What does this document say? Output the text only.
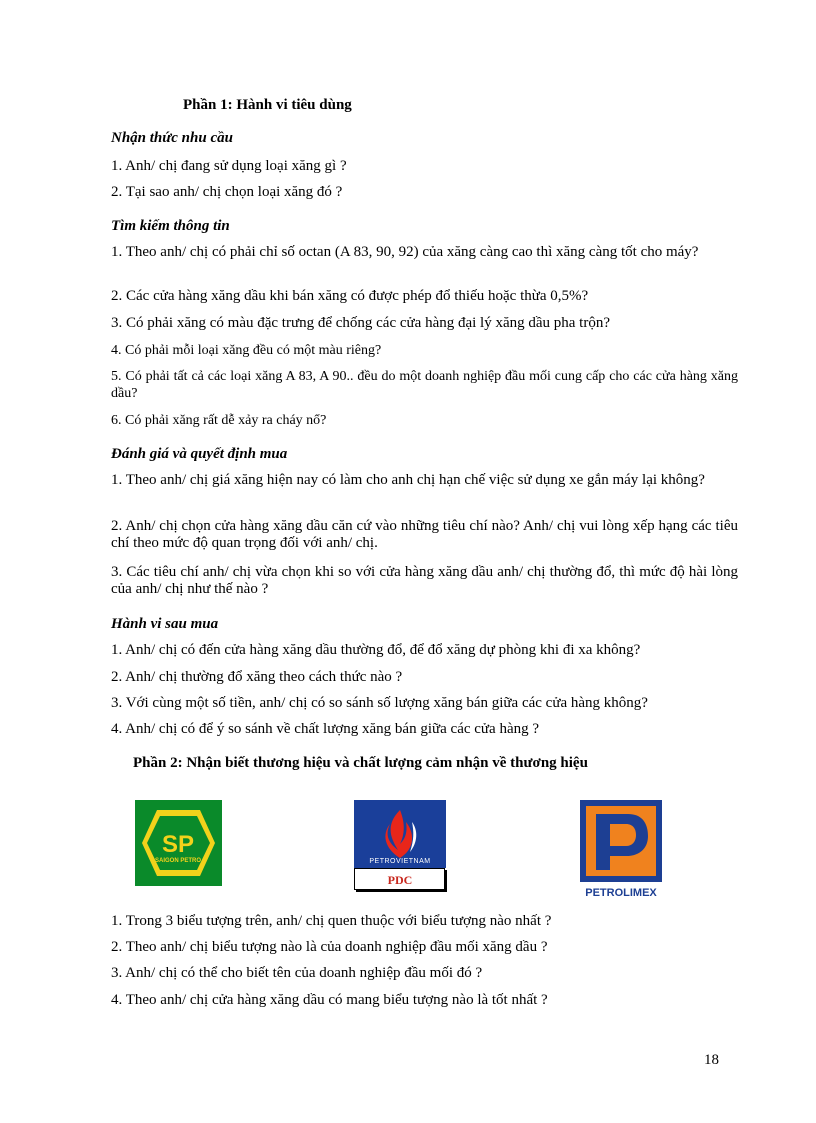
Phần 1: Hành vi tiêu dùng
Nhận thức nhu cầu
1. Anh/ chị đang sử dụng loại xăng gì ?
2. Tại sao anh/ chị chọn loại xăng đó ?
Tìm kiếm thông tin
1. Theo anh/ chị có phải chỉ số octan (A 83, 90, 92) của xăng càng cao thì xăng càng tốt cho máy?
2. Các cửa hàng xăng dầu khi bán xăng có được phép đổ thiếu hoặc thừa 0,5%?
3. Có phải xăng có màu đặc trưng để chống các cửa hàng đại lý xăng dầu pha trộn?
4. Có phải mỗi loại xăng đều có một màu riêng?
5. Có phải tất cả các loại xăng A 83, A 90.. đều do một doanh nghiệp đầu mối cung cấp cho các cửa hàng xăng dầu?
6. Có phải xăng rất dễ xảy ra cháy nổ?
Đánh giá và quyết định mua
1. Theo anh/ chị giá xăng hiện nay có làm cho anh chị hạn chế việc sử dụng xe gắn máy lại không?
2. Anh/ chị chọn cửa hàng xăng dầu căn cứ vào những tiêu chí nào? Anh/ chị vui lòng xếp hạng các tiêu chí theo mức độ quan trọng đối với anh/ chị.
3. Các tiêu chí anh/ chị vừa chọn khi so với cửa hàng xăng dầu anh/ chị thường đổ, thì mức độ hài lòng của anh/ chị như thế nào ?
Hành vi sau mua
1. Anh/ chị có đến cửa hàng xăng dầu thường đổ, để đổ xăng dự phòng khi đi xa không?
2. Anh/ chị thường đổ xăng theo cách thức nào ?
3. Với cùng một số tiền, anh/ chị có so sánh số lượng xăng bán giữa các cửa hàng không?
4. Anh/ chị có để ý so sánh về chất lượng xăng bán giữa các cửa hàng ?
Phần 2: Nhận biết thương hiệu và chất lượng cảm nhận về thương hiệu
SP
SAIGON PETRO	PETROVIETNAM
PDC
PETROLIMEX
1. Trong 3 biểu tượng trên, anh/ chị quen thuộc với biểu tượng nào nhất ?
2. Theo anh/ chị biểu tượng nào là của doanh nghiệp đầu mối xăng dầu ?
3. Anh/ chị có thể cho biết tên của doanh nghiệp đầu mối đó ?
4. Theo anh/ chị cửa hàng xăng dầu có mang biểu tượng nào là tốt nhất ?
18
